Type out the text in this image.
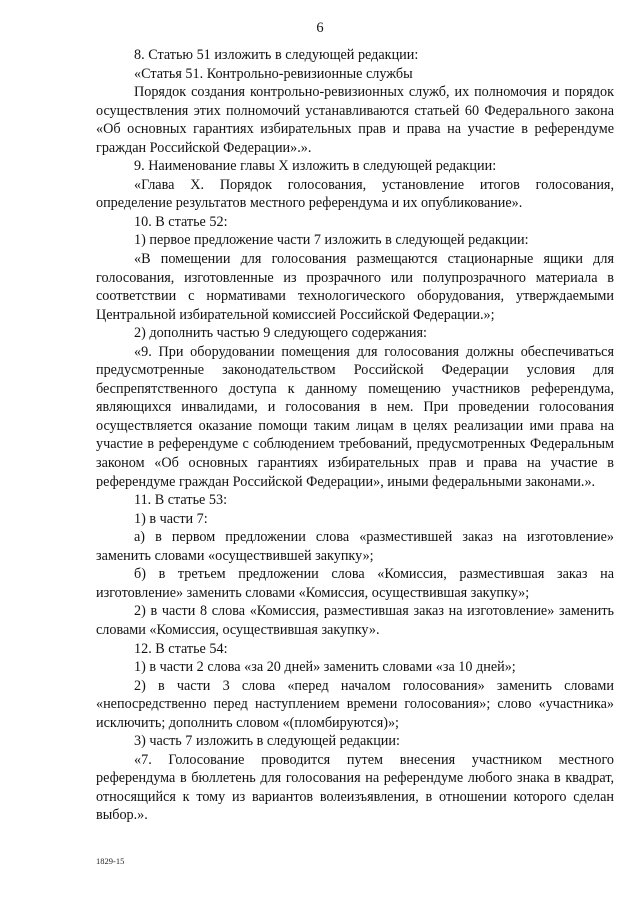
6

8. Статью 51 изложить в следующей редакции:

«Статья 51. Контрольно-ревизионные службы

Порядок создания контрольно-ревизионных служб, их полномочия и порядок осуществления этих полномочий устанавливаются статьей 60 Федерального закона «Об основных гарантиях избирательных прав и права на участие в референдуме граждан Российской Федерации».».

9. Наименование главы X изложить в следующей редакции:

«Глава X. Порядок голосования, установление итогов голосования, определение результатов местного референдума и их опубликование».

10. В статье 52:

1) первое предложение части 7 изложить в следующей редакции:

«В помещении для голосования размещаются стационарные ящики для голосования, изготовленные из прозрачного или полупрозрачного материала в соответствии с нормативами технологического оборудования, утверждаемыми Центральной избирательной комиссией Российской Федерации.»;

2) дополнить частью 9 следующего содержания:

«9. При оборудовании помещения для голосования должны обеспечиваться предусмотренные законодательством Российской Федерации условия для беспрепятственного доступа к данному помещению участников референдума, являющихся инвалидами, и голосования в нем. При проведении голосования осуществляется оказание помощи таким лицам в целях реализации ими права на участие в референдуме с соблюдением требований, предусмотренных Федеральным законом «Об основных гарантиях избирательных прав и права на участие в референдуме граждан Российской Федерации», иными федеральными законами.».

11. В статье 53:

1) в части 7:

а) в первом предложении слова «разместившей заказ на изготовление» заменить словами «осуществившей закупку»;

б) в третьем предложении слова «Комиссия, разместившая заказ на изготовление» заменить словами «Комиссия, осуществившая закупку»;

2) в части 8 слова «Комиссия, разместившая заказ на изготовление» заменить словами «Комиссия, осуществившая закупку».

12. В статье 54:

1) в части 2 слова «за 20 дней» заменить словами «за 10 дней»;

2) в части 3 слова «перед началом голосования» заменить словами «непосредственно перед наступлением времени голосования»; слово «участника» исключить; дополнить словом «(пломбируются)»;

3) часть 7 изложить в следующей редакции:

«7. Голосование проводится путем внесения участником местного референдума в бюллетень для голосования на референдуме любого знака в квадрат, относящийся к тому из вариантов волеизъявления, в отношении которого сделан выбор.».

1829-15
